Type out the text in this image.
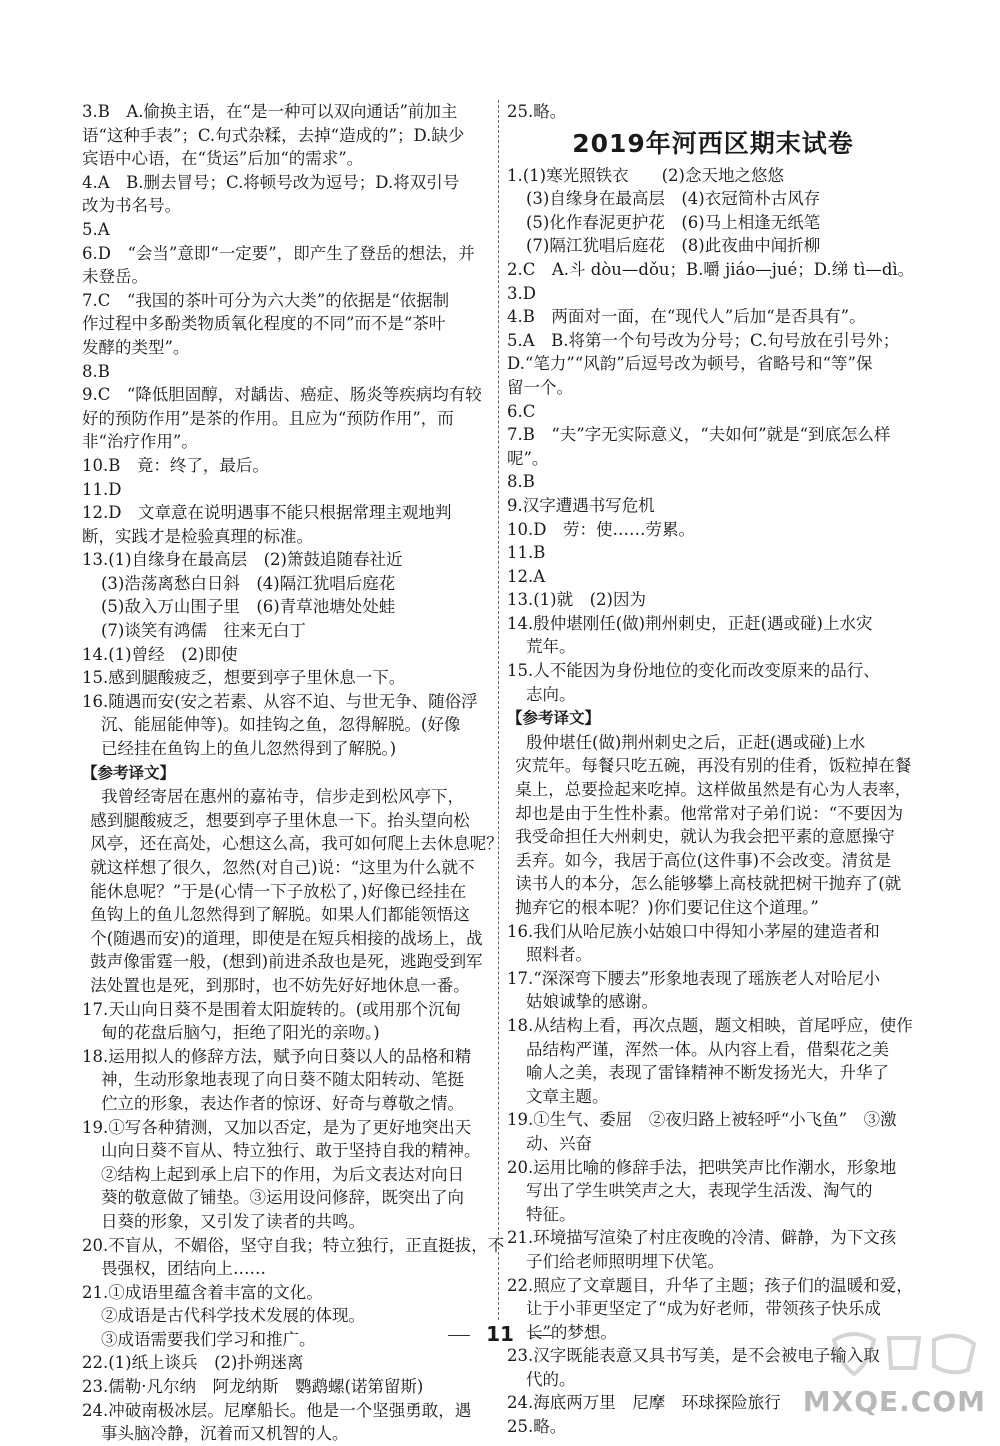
3.B　A.偷换主语，在“是一种可以双向通话”前加主
语“这种手表”；C.句式杂糅，去掉“造成的”；D.缺少
宾语中心语，在“货运”后加“的需求”。
4.A　B.删去冒号；C.将顿号改为逗号；D.将双引号
改为书名号。
5.A
6.D　“会当”意即“一定要”，即产生了登岳的想法，并
未登岳。
7.C　“我国的茶叶可分为六大类”的依据是“依据制
作过程中多酚类物质氧化程度的不同”而不是“茶叶
发酵的类型”。
8.B
9.C　“降低胆固醇，对龋齿、癌症、肠炎等疾病均有较
好的预防作用”是茶的作用。且应为“预防作用”，而
非“治疗作用”。
10.B　竟：终了，最后。
11.D
12.D　文章意在说明遇事不能只根据常理主观地判
断，实践才是检验真理的标准。
13.(1)自缘身在最高层　(2)箫鼓追随春社近
(3)浩荡离愁白日斜　(4)隔江犹唱后庭花
(5)敌入万山围子里　(6)青草池塘处处蛙
(7)谈笑有鸿儒　往来无白丁
14.(1)曾经　(2)即使
15.感到腿酸疲乏，想要到亭子里休息一下。
16.随遇而安(安之若素、从容不迫、与世无争、随俗浮
沉、能屈能伸等)。如挂钩之鱼，忽得解脱。(好像
已经挂在鱼钩上的鱼儿忽然得到了解脱。)
【参考译文】
我曾经寄居在惠州的嘉祐寺，信步走到松风亭下，
感到腿酸疲乏，想要到亭子里休息一下。抬头望向松
风亭，还在高处，心想这么高，我可如何爬上去休息呢？
就这样想了很久，忽然(对自己)说：“这里为什么就不
能休息呢？”于是(心情一下子放松了，)好像已经挂在
鱼钩上的鱼儿忽然得到了解脱。如果人们都能领悟这
个(随遇而安)的道理，即使是在短兵相接的战场上，战
鼓声像雷霆一般，(想到)前进杀敌也是死，逃跑受到军
法处置也是死，到那时，也不妨先好好地休息一番。
17.天山向日葵不是围着太阳旋转的。(或用那个沉甸
甸的花盘后脑勺，拒绝了阳光的亲吻。)
18.运用拟人的修辞方法，赋予向日葵以人的品格和精
神，生动形象地表现了向日葵不随太阳转动、笔挺
伫立的形象，表达作者的惊讶、好奇与尊敬之情。
19.①写各种猜测，又加以否定，是为了更好地突出天
山向日葵不盲从、特立独行、敢于坚持自我的精神。
②结构上起到承上启下的作用，为后文表达对向日
葵的敬意做了铺垫。③运用设问修辞，既突出了向
日葵的形象，又引发了读者的共鸣。
20.不盲从，不媚俗，坚守自我；特立独行，正直挺拔，不
畏强权，团结向上……
21.①成语里蕴含着丰富的文化。
②成语是古代科学技术发展的体现。
③成语需要我们学习和推广。
22.(1)纸上谈兵　(2)扑朔迷离
23.儒勒·凡尔纳　阿龙纳斯　鹦鹉螺(诺第留斯)
24.冲破南极冰层。尼摩船长。他是一个坚强勇敢，遇
事头脑冷静，沉着而又机智的人。
25.略。
2019年河西区期末试卷
1.(1)寒光照铁衣　　(2)念天地之悠悠
(3)自缘身在最高层　(4)衣冠简朴古风存
(5)化作春泥更护花　(6)马上相逢无纸笔
(7)隔江犹唱后庭花　(8)此夜曲中闻折柳
2.C　A.斗 dòu—dǒu；B.嚼 jiáo—jué；D.绨 tì—dì。
3.D
4.B　两面对一面，在“现代人”后加“是否具有”。
5.A　B.将第一个句号改为分号；C.句号放在引号外；
D.“笔力”“风韵”后逗号改为顿号，省略号和“等”保
留一个。
6.C
7.B　“夫”字无实际意义，“夫如何”就是“到底怎么样
呢”。
8.B
9.汉字遭遇书写危机
10.D　劳：使……劳累。
11.B
12.A
13.(1)就　(2)因为
14.殷仲堪刚任(做)荆州刺史，正赶(遇或碰)上水灾
荒年。
15.人不能因为身份地位的变化而改变原来的品行、
志向。
【参考译文】
殷仲堪任(做)荆州刺史之后，正赶(遇或碰)上水
灾荒年。每餐只吃五碗，再没有别的佳肴，饭粒掉在餐
桌上，总要捡起来吃掉。这样做虽然是有心为人表率，
却也是由于生性朴素。他常常对子弟们说：“不要因为
我受命担任大州刺史，就认为我会把平素的意愿操守
丢弃。如今，我居于高位(这件事)不会改变。清贫是
读书人的本分，怎么能够攀上高枝就把树干抛弃了(就
抛弃它的根本呢？)你们要记住这个道理。”
16.我们从哈尼族小姑娘口中得知小茅屋的建造者和
照料者。
17.“深深弯下腰去”形象地表现了瑶族老人对哈尼小
姑娘诚挚的感谢。
18.从结构上看，再次点题，题文相映，首尾呼应，使作
品结构严谨，浑然一体。从内容上看，借梨花之美
喻人之美，表现了雷锋精神不断发扬光大，升华了
文章主题。
19.①生气、委屈　②夜归路上被轻呼“小飞鱼”　③激
动、兴奋
20.运用比喻的修辞手法，把哄笑声比作潮水，形象地
写出了学生哄笑声之大，表现学生活泼、淘气的
特征。
21.环境描写渲染了村庄夜晚的冷清、僻静，为下文孩
子们给老师照明埋下伏笔。
22.照应了文章题目，升华了主题；孩子们的温暖和爱，
让于小菲更坚定了“成为好老师，带领孩子快乐成
长”的梦想。
23.汉字既能表意又具书写美，是不会被电子输入取
代的。
24.海底两万里　尼摩　环球探险旅行
25.略。
11
MXQE.COM
